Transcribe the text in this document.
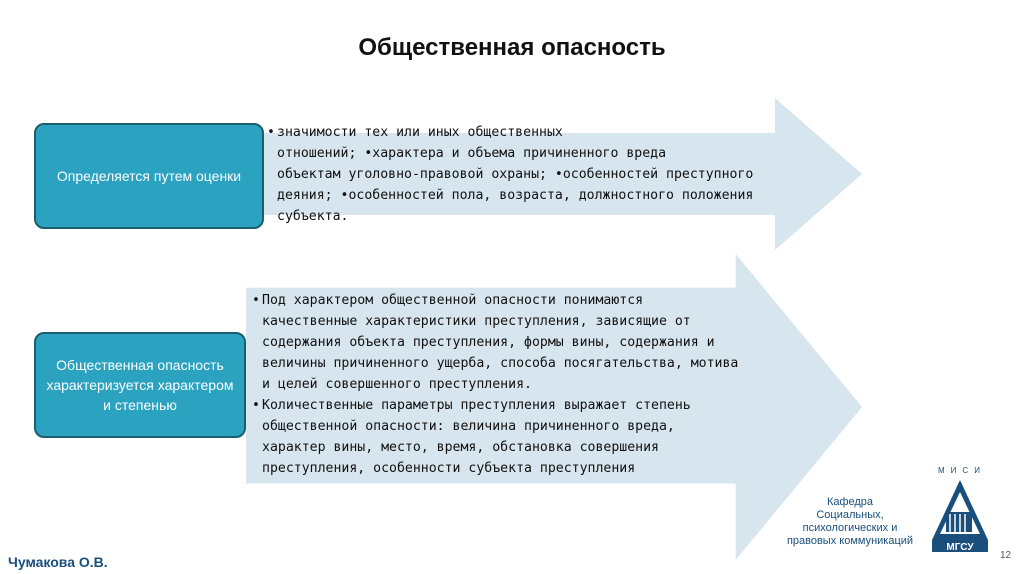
Общественная опасность
Определяется путем оценки
• значимости тех или иных общественных
отношений; •характера и объема причиненного вреда
объектам уголовно-правовой охраны; •особенностей преступного
деяния; •особенностей пола, возраста, должностного положения
субъекта.
Общественная опасность характеризуется характером и степенью
• Под характером общественной опасности понимаются
качественные характеристики преступления, зависящие от
содержания объекта преступления, формы вины, содержания и
величины причиненного ущерба, способа посягательства, мотива
и целей совершенного преступления.
• Количественные параметры преступления выражает степень
общественной опасности: величина причиненного вреда,
характер вины, место, время, обстановка совершения
преступления, особенности субъекта преступления
Кафедра
Социальных,
психологических и
правовых коммуникаций
МИСИ
МГСУ
Чумакова О.В.	12
